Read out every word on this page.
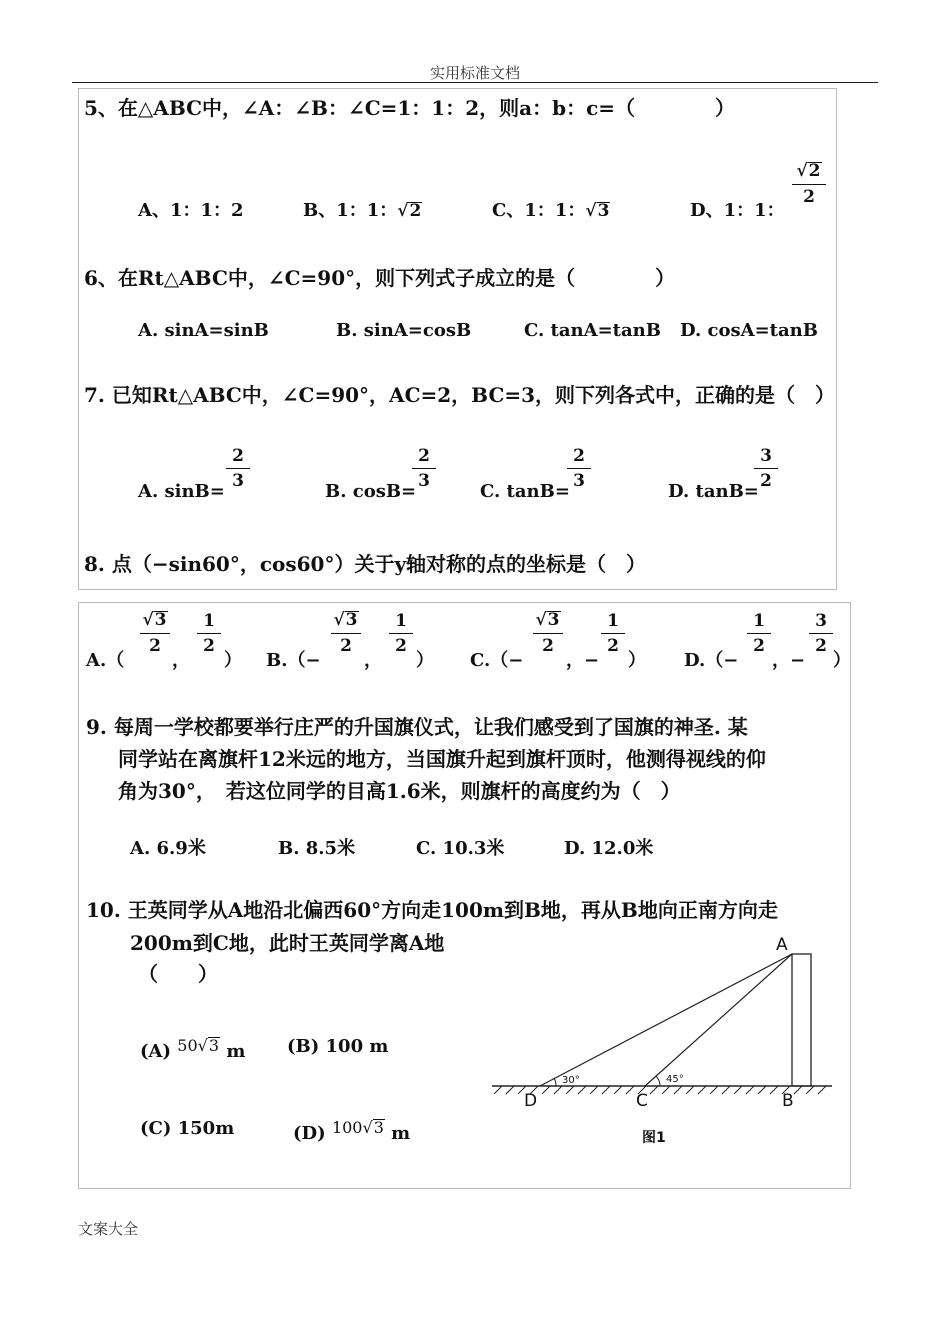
实用标准文档
5、在△ABC中，∠A：∠B：∠C=1：1：2，则a：b：c=（　　　　）
A、1：1：2	B、1：1：√2	C、1：1：√3	D、1：1：
√2
2
6、在Rt△ABC中，∠C=90°，则下列式子成立的是（　　　　）
A. sinA=sinB	B. sinA=cosB	C. tanA=tanB D. cosA=tanB
7. 已知Rt△ABC中，∠C=90°，AC=2，BC=3，则下列各式中，正确的是（　）
A. sinB=
2
3	B. cosB=
2
3	C. tanB=
2
3	D. tanB=
3
2
8. 点（−sin60°，cos60°）关于y轴对称的点的坐标是（　）
A.（
√3
2
，
1
2
） B.（−
√3
2
，
1
2
） C.（−
√3
2
，−
1
2
） D.（−
1
2
，−
3
2
）
9. 每周一学校都要举行庄严的升国旗仪式，让我们感受到了国旗的神圣. 某
同学站在离旗杆12米远的地方，当国旗升起到旗杆顶时，他测得视线的仰
角为30°，　若这位同学的目高1.6米，则旗杆的高度约为（　）
A. 6.9米	B. 8.5米	C. 10.3米	D. 12.0米
10. 王英同学从A地沿北偏西60°方向走100m到B地，再从B地向正南方向走
200m到C地，此时王英同学离A地
（　　）
(A) 50√3 m (B) 100 m
(C) 150m	(D) 100√3 m
A
B
C
D
30°	45°
图1
文案大全
